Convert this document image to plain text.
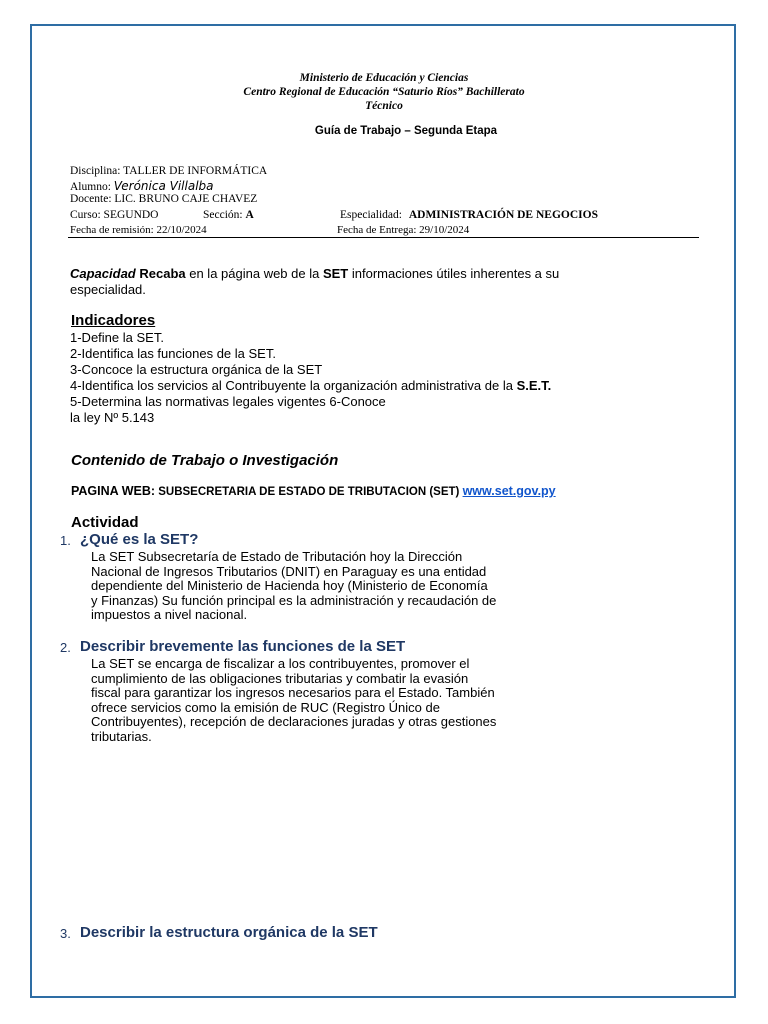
Ministerio de Educación y Ciencias
Centro Regional de Educación “Saturio Ríos” Bachillerato
Técnico
Guía de Trabajo – Segunda Etapa
Disciplina: TALLER DE INFORMÁTICA
Alumno: Verónica Villalba
Docente: LIC. BRUNO CAJE CHAVEZ
Curso: SEGUNDO	Sección: A	Especialidad: ADMINISTRACIÓN DE NEGOCIOS
Fecha de remisión: 22/10/2024	Fecha de Entrega: 29/10/2024
Capacidad Recaba en la página web de la SET informaciones útiles inherentes a su
especialidad.
Indicadores
1-Define la SET.
2-Identifica las funciones de la SET.
3-Concoce la estructura orgánica de la SET
4-Identifica los servicios al Contribuyente la organización administrativa de la S.E.T.
5-Determina las normativas legales vigentes 6-Conoce
la ley Nº 5.143
Contenido de Trabajo o Investigación
PAGINA WEB: SUBSECRETARIA DE ESTADO DE TRIBUTACION (SET) www.set.gov.py
Actividad
1. ¿Qué es la SET?
La SET Subsecretaría de Estado de Tributación hoy la Dirección
Nacional de Ingresos Tributarios (DNIT) en Paraguay es una entidad
dependiente del Ministerio de Hacienda hoy (Ministerio de Economía
y Finanzas) Su función principal es la administración y recaudación de
impuestos a nivel nacional.
2. Describir brevemente las funciones de la SET
La SET se encarga de fiscalizar a los contribuyentes, promover el
cumplimiento de las obligaciones tributarias y combatir la evasión
fiscal para garantizar los ingresos necesarios para el Estado. También
ofrece servicios como la emisión de RUC (Registro Único de
Contribuyentes), recepción de declaraciones juradas y otras gestiones
tributarias.
3. Describir la estructura orgánica de la SET
